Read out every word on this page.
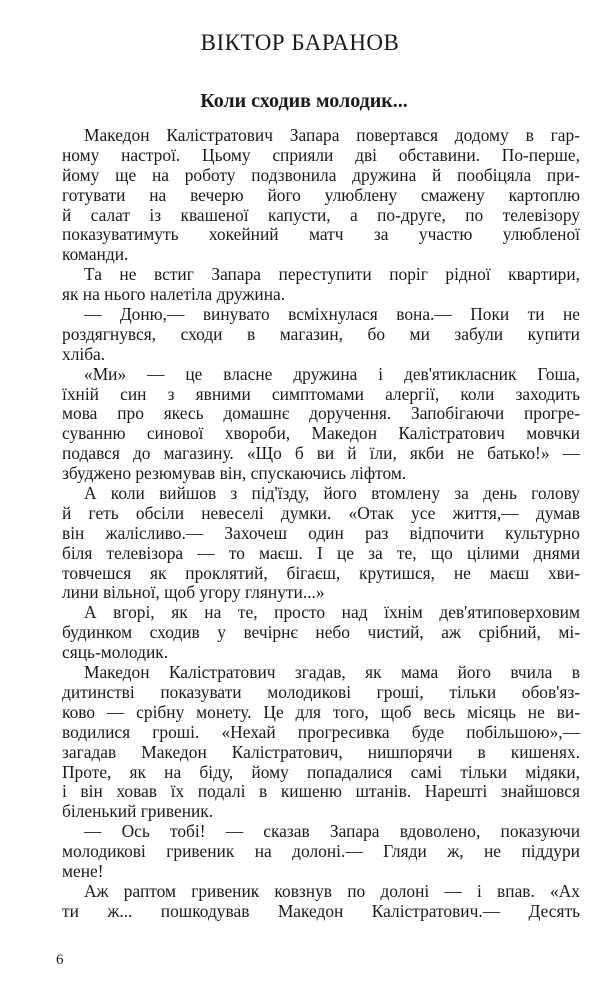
ВІКТОР БАРАНОВ
Коли сходив молодик...
Македон Калістратович Запара повертався додому в гар-
ному настрої. Цьому сприяли дві обставини. По-перше,
йому ще на роботу подзвонила дружина й пообіцяла при-
готувати на вечерю його улюблену смажену картоплю
й салат із квашеної капусти, а по-друге, по телевізору
показуватимуть хокейний матч за участю улюбленої
команди.
Та не встиг Запара переступити поріг рідної квартири,
як на нього налетіла дружина.
— Доню,— винувато всміхнулася вона.— Поки ти не
роздягнувся, сходи в магазин, бо ми забули купити
хліба.
«Ми» — це власне дружина і дев'ятикласник Гоша,
їхній син з явними симптомами алергії, коли заходить
мова про якесь домашнє доручення. Запобігаючи прогре-
суванню синової хвороби, Македон Калістратович мовчки
подався до магазину. «Що б ви й їли, якби не батько!» —
збуджено резюмував він, спускаючись ліфтом.
А коли вийшов з під'їзду, його втомлену за день голову
й геть обсіли невеселі думки. «Отак усе життя,— думав
він жалісливо.— Захочеш один раз відпочити культурно
біля телевізора — то маєш. І це за те, що цілими днями
товчешся як проклятий, бігаєш, крутишся, не маєш хви-
лини вільної, щоб угору глянути...»
А вгорі, як на те, просто над їхнім дев'ятиповерховим
будинком сходив у вечірнє небо чистий, аж срібний, мі-
сяць-молодик.
Македон Калістратович згадав, як мама його вчила в
дитинстві показувати молодикові гроші, тільки обов'яз-
ково — срібну монету. Це для того, щоб весь місяць не ви-
водилися гроші. «Нехай прогресивка буде побільшою»,—
загадав Македон Калістратович, нишпорячи в кишенях.
Проте, як на біду, йому попадалися самі тільки мідяки,
і він ховав їх подалі в кишеню штанів. Нарешті знайшовся
біленький гривеник.
— Ось тобі! — сказав Запара вдоволено, показуючи
молодикові гривеник на долоні.— Гляди ж, не піддури
мене!
Аж раптом гривеник ковзнув по долоні — і впав. «Ах
ти ж... пошкодував Македон Калістратович.— Десять
6
